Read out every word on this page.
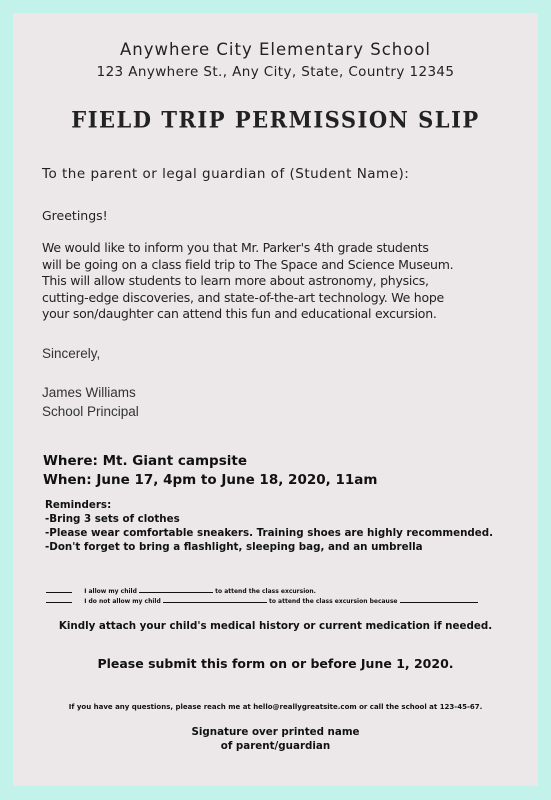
Anywhere City Elementary School
123 Anywhere St., Any City, State, Country 12345
FIELD TRIP PERMISSION SLIP
To the parent or legal guardian of (Student Name):
Greetings!
We would like to inform you that Mr. Parker's 4th grade students
will be going on a class field trip to The Space and Science Museum.
This will allow students to learn more about astronomy, physics,
cutting-edge discoveries, and state-of-the-art technology. We hope
your son/daughter can attend this fun and educational excursion.
Sincerely,
James Williams
School Principal
Where: Mt. Giant campsite
When: June 17, 4pm to June 18, 2020, 11am
Reminders:
-Bring 3 sets of clothes
-Please wear comfortable sneakers. Training shoes are highly recommended.
-Don't forget to bring a flashlight, sleeping bag, and an umbrella
I allow my child	to attend the class excursion.
I do not allow my child	to attend the class excursion because
Kindly attach your child's medical history or current medication if needed.
Please submit this form on or before June 1, 2020.
If you have any questions, please reach me at hello@reallygreatsite.com or call the school at 123-45-67.
Signature over printed name
of parent/guardian
